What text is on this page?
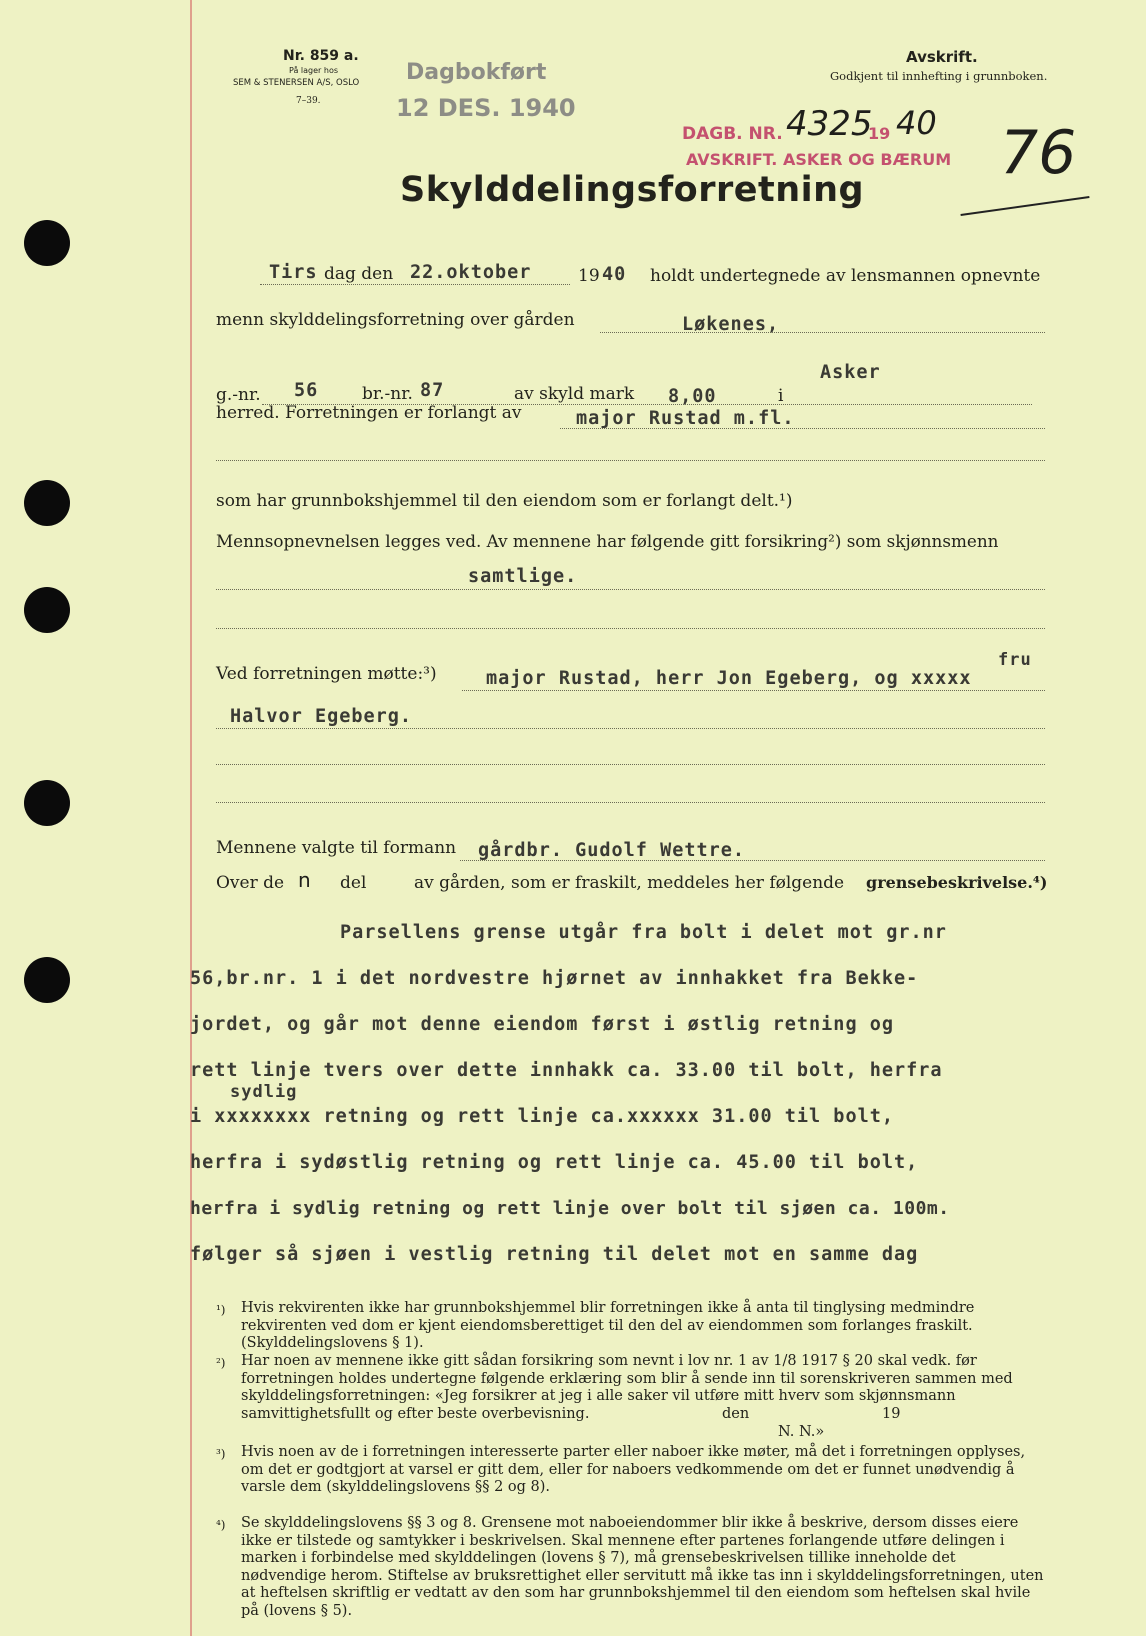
Nr. 859 a.
På lager hos
SEM & STENERSEN A/S, OSLO
7–39.
Avskrift.
Godkjent til innhefting i grunnboken.
Dagbokført
12 DES. 1940
DAGB. NR. 4325
19 40
AVSKRIFT. ASKER OG BÆRUM 76
Skylddelingsforretning
Tirs dag den 22.oktober	19 40 holdt undertegnede av lensmannen opnevnte
menn skylddelingsforretning over gården	Løkenes,
g.-nr. 56	br.-nr. 87	av skyld mark 8,00	i
Asker
herred. Forretningen er forlangt av	major Rustad m.fl.
som har grunnbokshjemmel til den eiendom som er forlangt delt.¹)
Mennsopnevnelsen legges ved. Av mennene har følgende gitt forsikring²) som skjønnsmenn
samtlige.
Ved forretningen møtte:³)
fru
major Rustad, herr Jon Egeberg, og xxxxx
Halvor Egeberg.
Mennene valgte til formann gårdbr. Gudolf Wettre.
Over de n del	av gården, som er fraskilt, meddeles her følgende grensebeskrivelse.⁴)
Parsellens grense utgår fra bolt i delet mot gr.nr
56,br.nr. 1 i det nordvestre hjørnet av innhakket fra Bekke-
jordet, og går mot denne eiendom først i østlig retning og
rett linje tvers over dette innhakk ca. 33.00 til bolt, herfra
sydlig
i xxxxxxxx retning og rett linje ca.xxxxxx 31.00 til bolt,
herfra i sydøstlig retning og rett linje ca. 45.00 til bolt,
herfra i sydlig retning og rett linje over bolt til sjøen ca. 100m.
følger så sjøen i vestlig retning til delet mot en samme dag
¹) Hvis rekvirenten ikke har grunnbokshjemmel blir forretningen ikke å anta til tinglysing medmindre rekvirenten ved dom er kjent eiendomsberettiget til den del av eiendommen som forlanges fraskilt. (Skylddelingslovens § 1).
²) Har noen av mennene ikke gitt sådan forsikring som nevnt i lov nr. 1 av 1/8 1917 § 20 skal vedk. før forretningen holdes undertegne følgende erklæring som blir å sende inn til sorenskriveren sammen med skylddelingsforretningen: «Jeg forsikrer at jeg i alle saker vil utføre mitt hverv som skjønnsmann samvittighetsfullt og efter beste overbevisning.	den	19
N. N.»
³) Hvis noen av de i forretningen interesserte parter eller naboer ikke møter, må det i forretningen opplyses, om det er godtgjort at varsel er gitt dem, eller for naboers vedkommende om det er funnet unødvendig å varsle dem (skylddelingslovens §§ 2 og 8).
⁴) Se skylddelingslovens §§ 3 og 8. Grensene mot naboeiendommer blir ikke å beskrive, dersom disses eiere ikke er tilstede og samtykker i beskrivelsen. Skal mennene efter partenes forlangende utføre delingen i marken i forbindelse med skylddelingen (lovens § 7), må grensebeskrivelsen tillike inneholde det nødvendige herom. Stiftelse av bruksrettighet eller servitutt må ikke tas inn i skylddelingsforretningen, uten at heftelsen skriftlig er vedtatt av den som har grunnbokshjemmel til den eiendom som heftelsen skal hvile på (lovens § 5).
